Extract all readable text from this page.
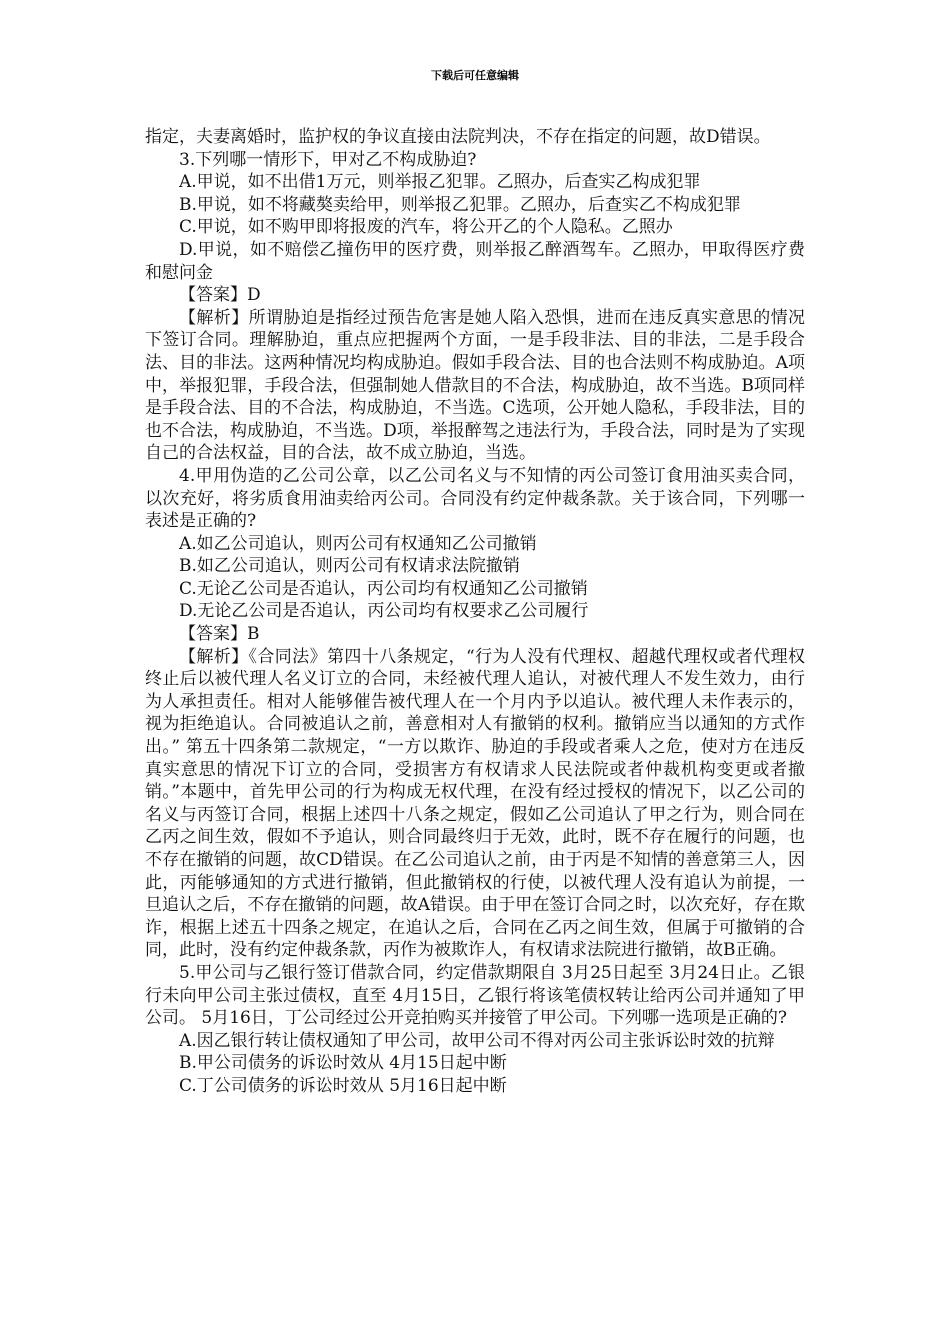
下载后可任意编辑

指定，夫妻离婚时，监护权的争议直接由法院判决，不存在指定的问题，故D错误。

3.下列哪一情形下，甲对乙不构成胁迫?

A.甲说，如不出借1万元，则举报乙犯罪。乙照办，后查实乙构成犯罪

B.甲说，如不将藏獒卖给甲，则举报乙犯罪。乙照办，后查实乙不构成犯罪

C.甲说，如不购甲即将报废的汽车，将公开乙的个人隐私。乙照办

D.甲说，如不赔偿乙撞伤甲的医疗费，则举报乙醉酒驾车。乙照办，甲取得医疗费和慰问金

【答案】D

【解析】所谓胁迫是指经过预告危害是她人陷入恐惧，进而在违反真实意思的情况下签订合同。理解胁迫，重点应把握两个方面，一是手段非法、目的非法，二是手段合法、目的非法。这两种情况均构成胁迫。假如手段合法、目的也合法则不构成胁迫。A项中，举报犯罪，手段合法，但强制她人借款目的不合法，构成胁迫，故不当选。B项同样是手段合法、目的不合法，构成胁迫，不当选。C选项，公开她人隐私，手段非法，目的也不合法，构成胁迫，不当选。D项，举报醉驾之违法行为，手段合法，同时是为了实现自己的合法权益，目的合法，故不成立胁迫，当选。

4.甲用伪造的乙公司公章，以乙公司名义与不知情的丙公司签订食用油买卖合同，以次充好，将劣质食用油卖给丙公司。合同没有约定仲裁条款。关于该合同，下列哪一表述是正确的?

A.如乙公司追认，则丙公司有权通知乙公司撤销

B.如乙公司追认，则丙公司有权请求法院撤销

C.无论乙公司是否追认，丙公司均有权通知乙公司撤销

D.无论乙公司是否追认，丙公司均有权要求乙公司履行

【答案】B

【解析】《合同法》第四十八条规定，“行为人没有代理权、超越代理权或者代理权终止后以被代理人名义订立的合同，未经被代理人追认，对被代理人不发生效力，由行为人承担责任。相对人能够催告被代理人在一个月内予以追认。被代理人未作表示的，视为拒绝追认。合同被追认之前，善意相对人有撤销的权利。撤销应当以通知的方式作出。” 第五十四条第二款规定，“一方以欺诈、胁迫的手段或者乘人之危，使对方在违反真实意思的情况下订立的合同，受损害方有权请求人民法院或者仲裁机构变更或者撤销。”本题中，首先甲公司的行为构成无权代理，在没有经过授权的情况下，以乙公司的名义与丙签订合同，根据上述四十八条之规定，假如乙公司追认了甲之行为，则合同在乙丙之间生效，假如不予追认，则合同最终归于无效，此时，既不存在履行的问题，也不存在撤销的问题，故CD错误。在乙公司追认之前，由于丙是不知情的善意第三人，因此，丙能够通知的方式进行撤销，但此撤销权的行使，以被代理人没有追认为前提，一旦追认之后，不存在撤销的问题，故A错误。由于甲在签订合同之时，以次充好，存在欺诈，根据上述五十四条之规定，在追认之后，合同在乙丙之间生效，但属于可撤销的合同，此时，没有约定仲裁条款，丙作为被欺诈人，有权请求法院进行撤销，故B正确。

5.甲公司与乙银行签订借款合同，约定借款期限自 3月25日起至 3月24日止。乙银行未向甲公司主张过债权，直至 4月15日，乙银行将该笔债权转让给丙公司并通知了甲公司。 5月16日，丁公司经过公开竞拍购买并接管了甲公司。下列哪一选项是正确的?

A.因乙银行转让债权通知了甲公司，故甲公司不得对丙公司主张诉讼时效的抗辩

B.甲公司债务的诉讼时效从 4月15日起中断

C.丁公司债务的诉讼时效从 5月16日起中断
